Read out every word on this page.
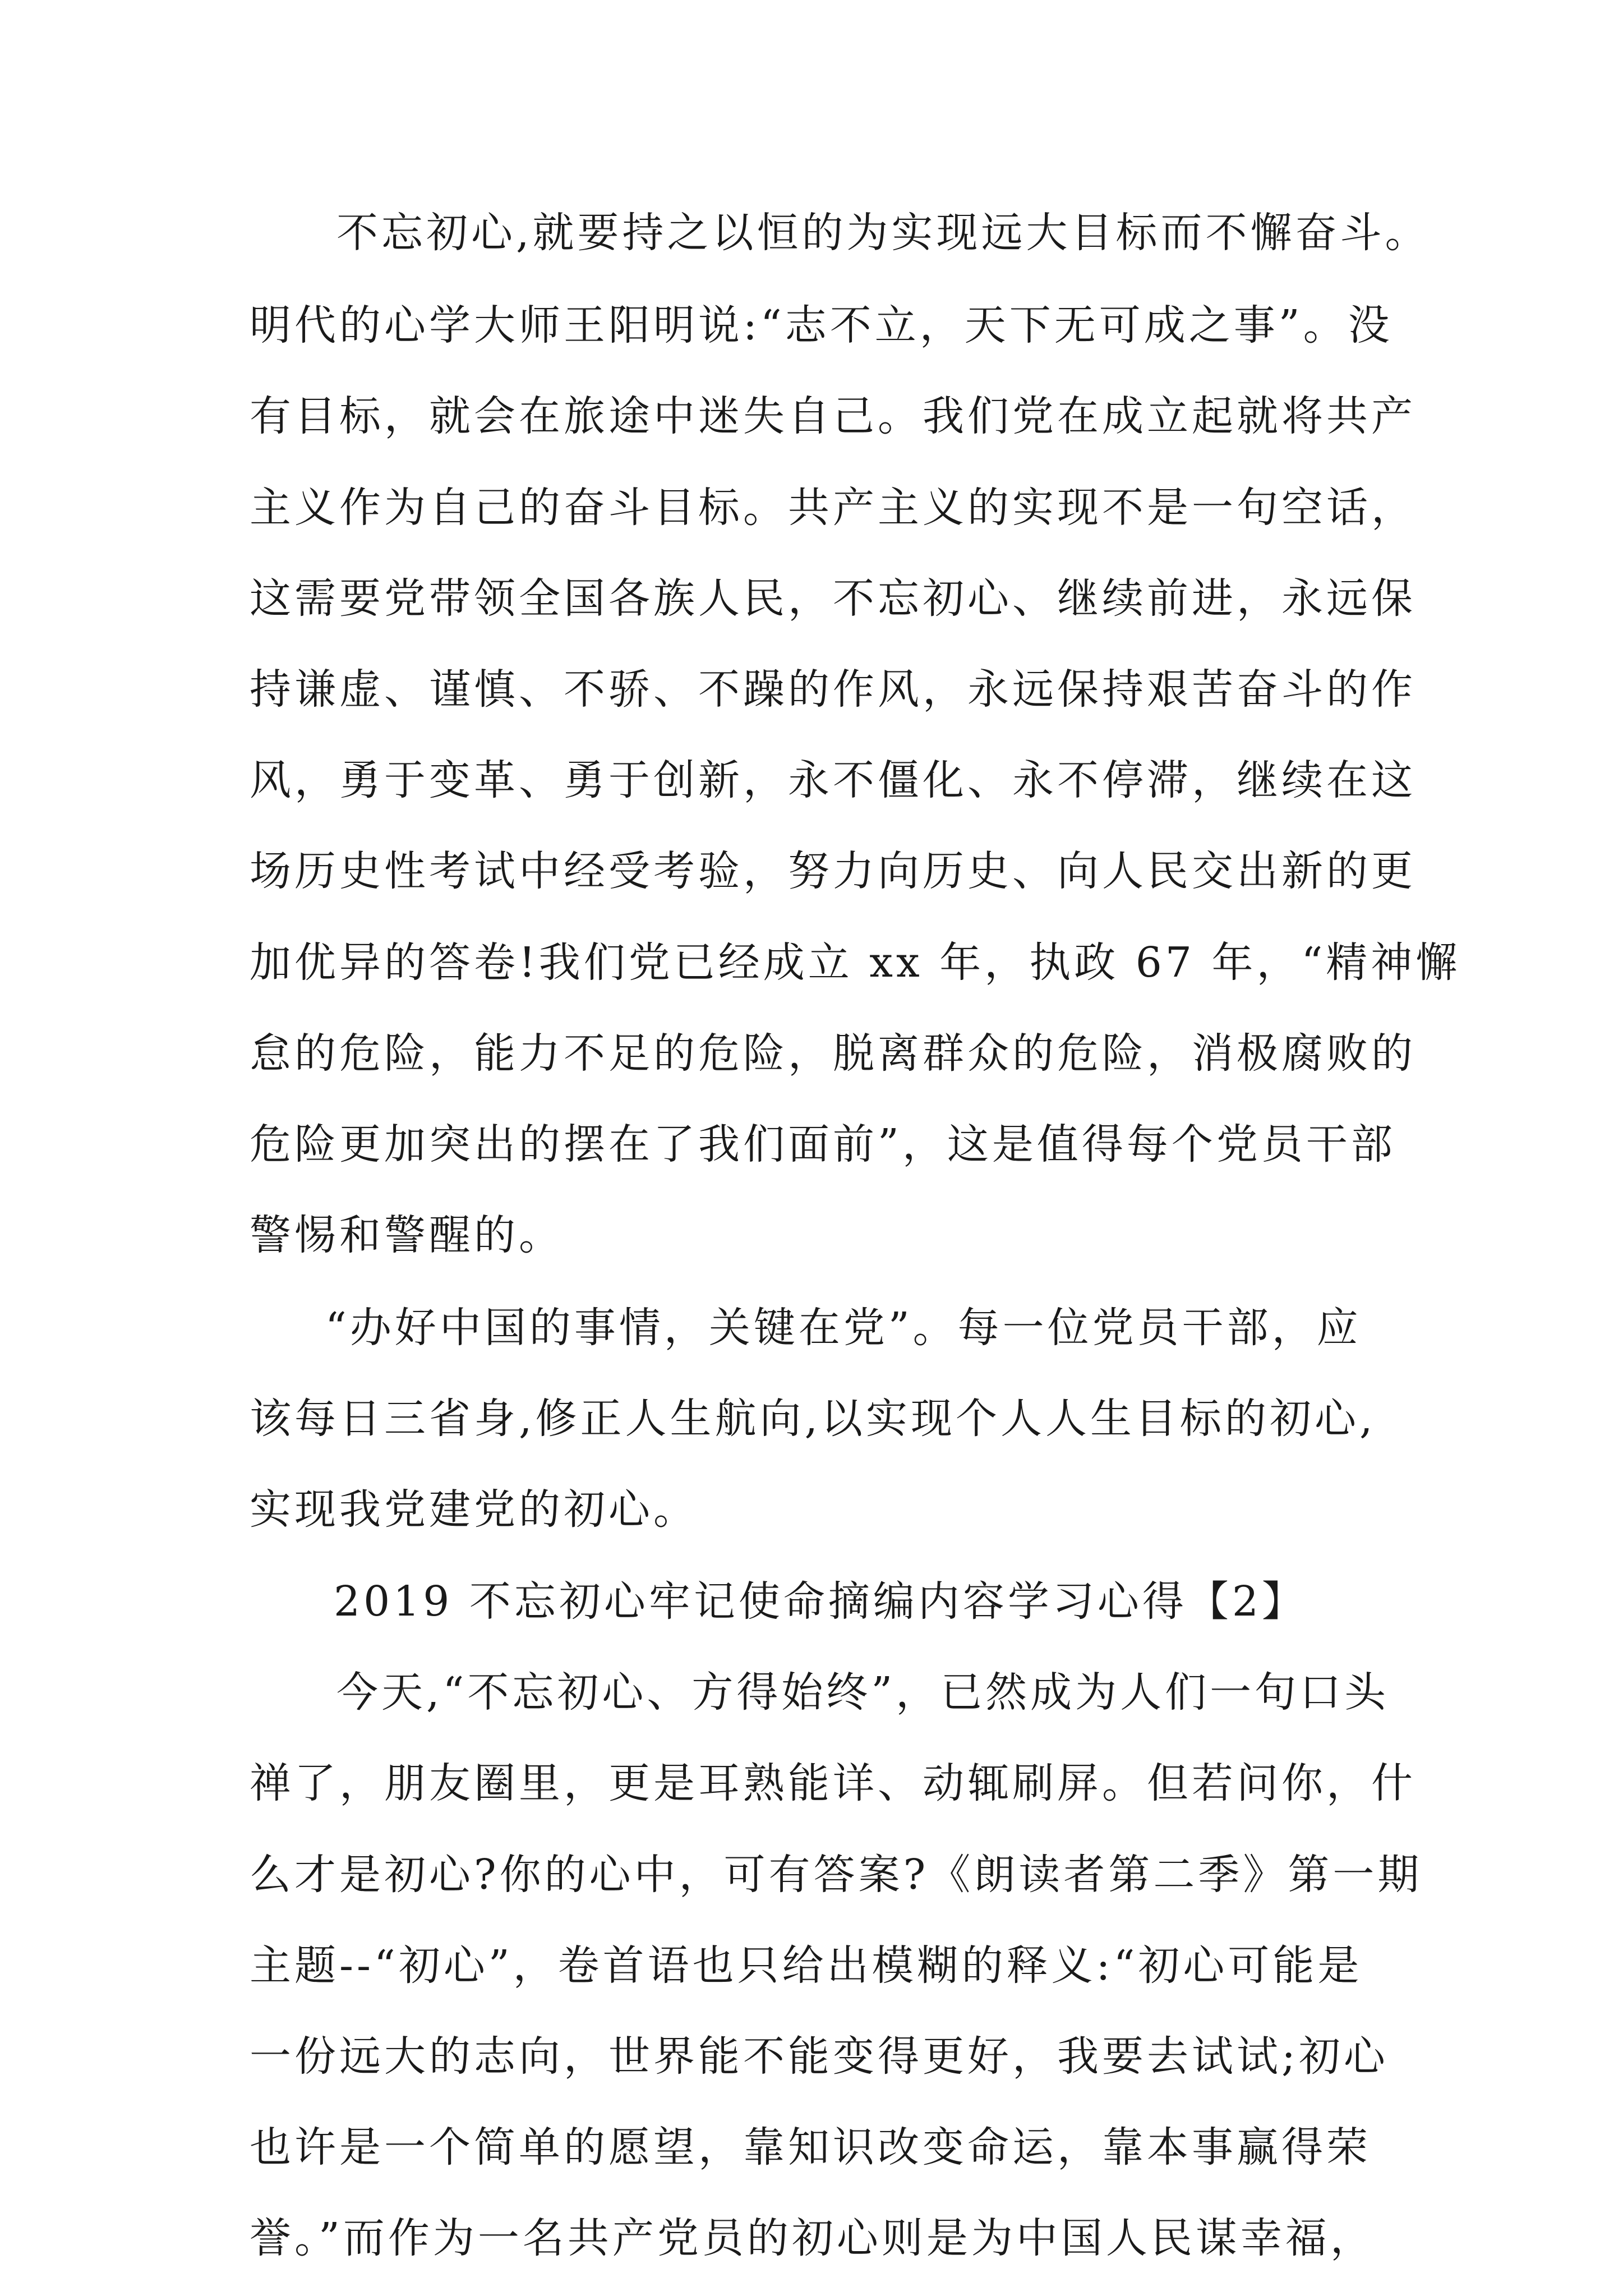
不忘初心,就要持之以恒的为实现远大目标而不懈奋斗。

明代的心学大师王阳明说:“志不立，天下无可成之事”。没

有目标，就会在旅途中迷失自己。我们党在成立起就将共产

主义作为自己的奋斗目标。共产主义的实现不是一句空话，

这需要党带领全国各族人民，不忘初心、继续前进，永远保

持谦虚、谨慎、不骄、不躁的作风，永远保持艰苦奋斗的作

风，勇于变革、勇于创新，永不僵化、永不停滞，继续在这

场历史性考试中经受考验，努力向历史、向人民交出新的更

加优异的答卷!我们党已经成立 xx 年，执政 67 年，“精神懈

怠的危险，能力不足的危险，脱离群众的危险，消极腐败的

危险更加突出的摆在了我们面前”，这是值得每个党员干部

警惕和警醒的。

“办好中国的事情，关键在党”。每一位党员干部，应

该每日三省身,修正人生航向,以实现个人人生目标的初心,

实现我党建党的初心。

2019 不忘初心牢记使命摘编内容学习心得【2】

今天,“不忘初心、方得始终”，已然成为人们一句口头

禅了，朋友圈里，更是耳熟能详、动辄刷屏。但若问你，什

么才是初心?你的心中，可有答案?《朗读者第二季》第一期

主题--“初心”，卷首语也只给出模糊的释义:“初心可能是

一份远大的志向，世界能不能变得更好，我要去试试;初心

也许是一个简单的愿望，靠知识改变命运，靠本事赢得荣

誉。”而作为一名共产党员的初心则是为中国人民谋幸福，
